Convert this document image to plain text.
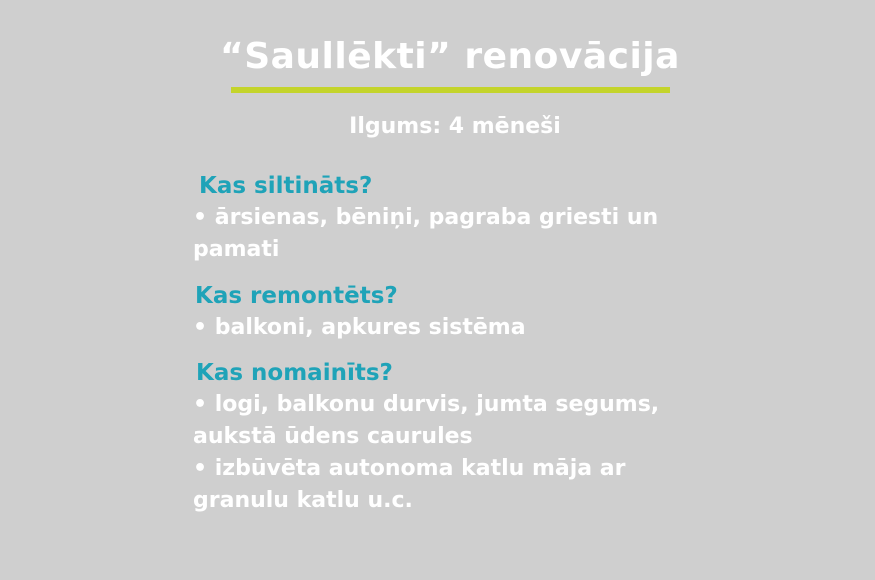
“Saullēkti” renovācija
Ilgums: 4 mēneši
Kas siltināts?
• ārsienas, bēniņi, pagraba griesti un pamati
Kas remontēts?
• balkoni, apkures sistēma
Kas nomainīts?
• logi, balkonu durvis, jumta segums, aukstā ūdens caurules
• izbūvēta autonoma katlu māja ar granulu katlu u.c.
